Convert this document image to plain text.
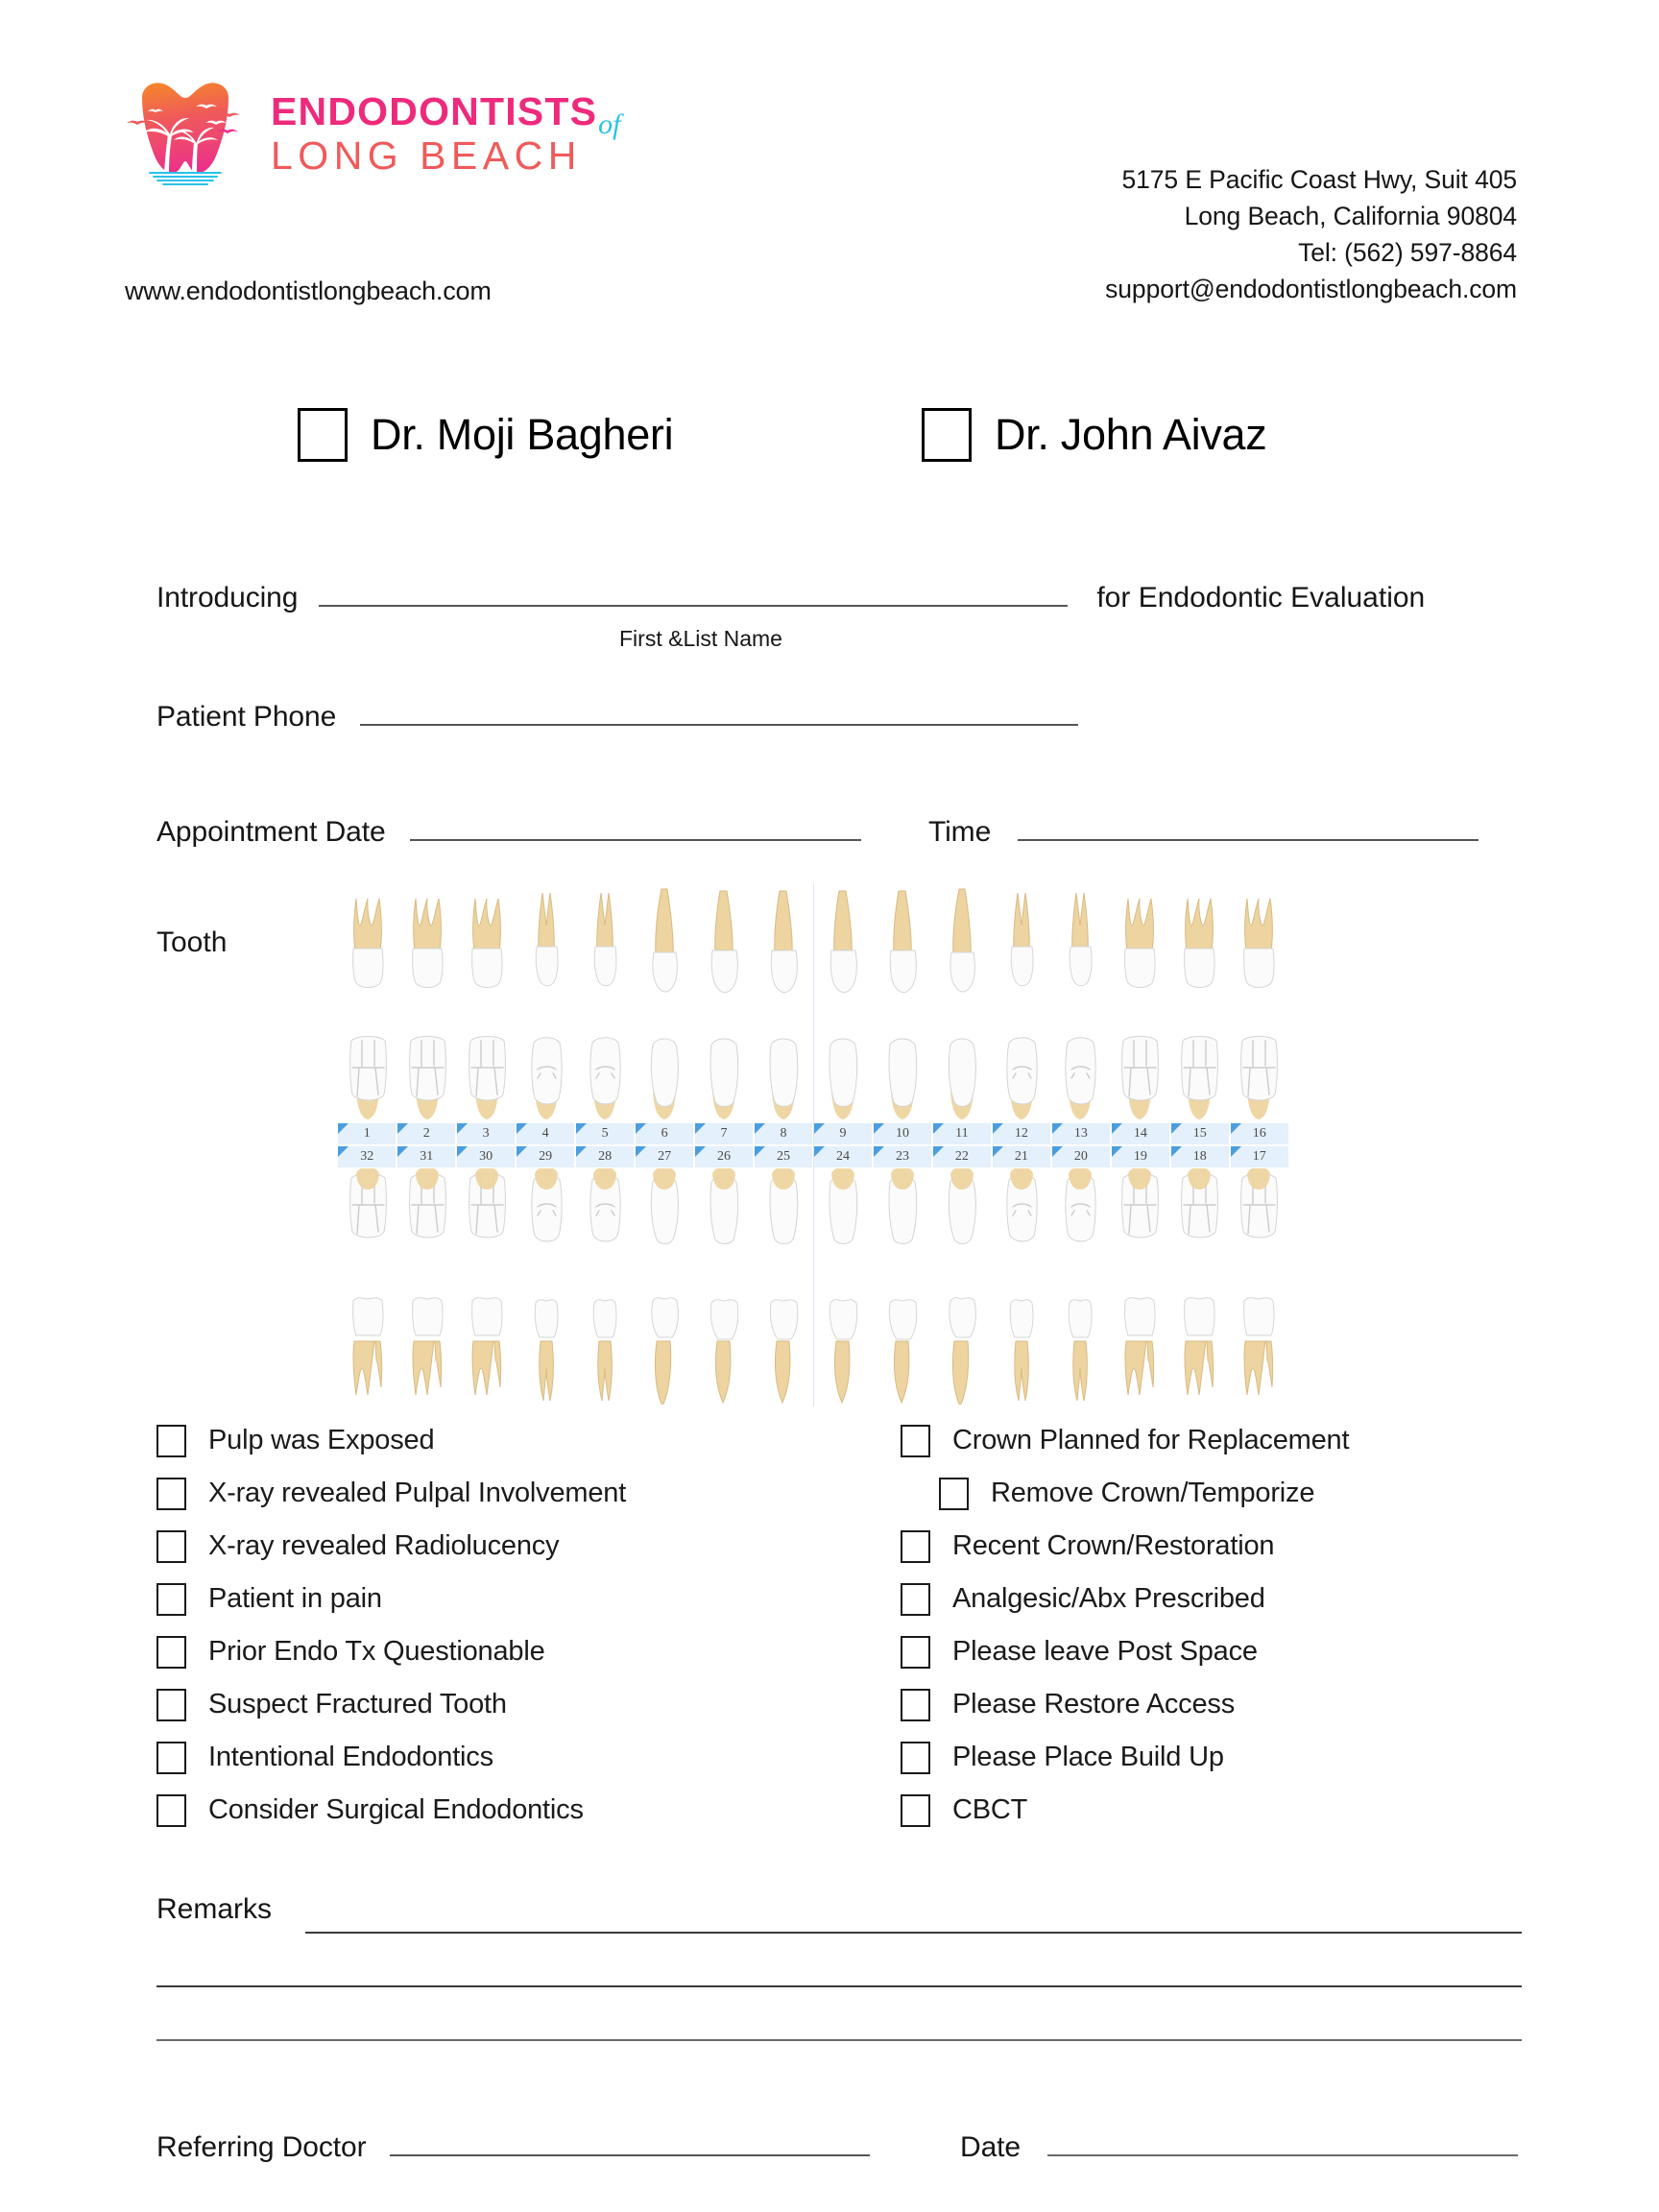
$ENDODONTISTS_{of}$
LONG BEACH
www.endodontistlongbeach.com
5175 E Pacific Coast Hwy, Suit 405
Long Beach, California 90804
Tel: (562) 597-8864
support@endodontistlongbeach.com
Dr. Moji Bagheri	Dr. John Aivaz
Introducing	for Endodontic Evaluation
First &List Name
Patient Phone
Appointment Date	Time
Tooth
1	2	3	4	5	6	7	8	9	10	11	12	13	14	15	16
32	31	30	29	28	27	26	25	24	23	22	21	20	19	18	17
Pulp was Exposed
X-ray revealed Pulpal Involvement
X-ray revealed Radiolucency
Patient in pain
Prior Endo Tx Questionable
Suspect Fractured Tooth
Intentional Endodontics
Consider Surgical Endodontics
Crown Planned for Replacement
Remove Crown/Temporize
Recent Crown/Restoration
Analgesic/Abx Prescribed
Please leave Post Space
Please Restore Access
Please Place Build Up
CBCT
Remarks
Referring Doctor	Date
